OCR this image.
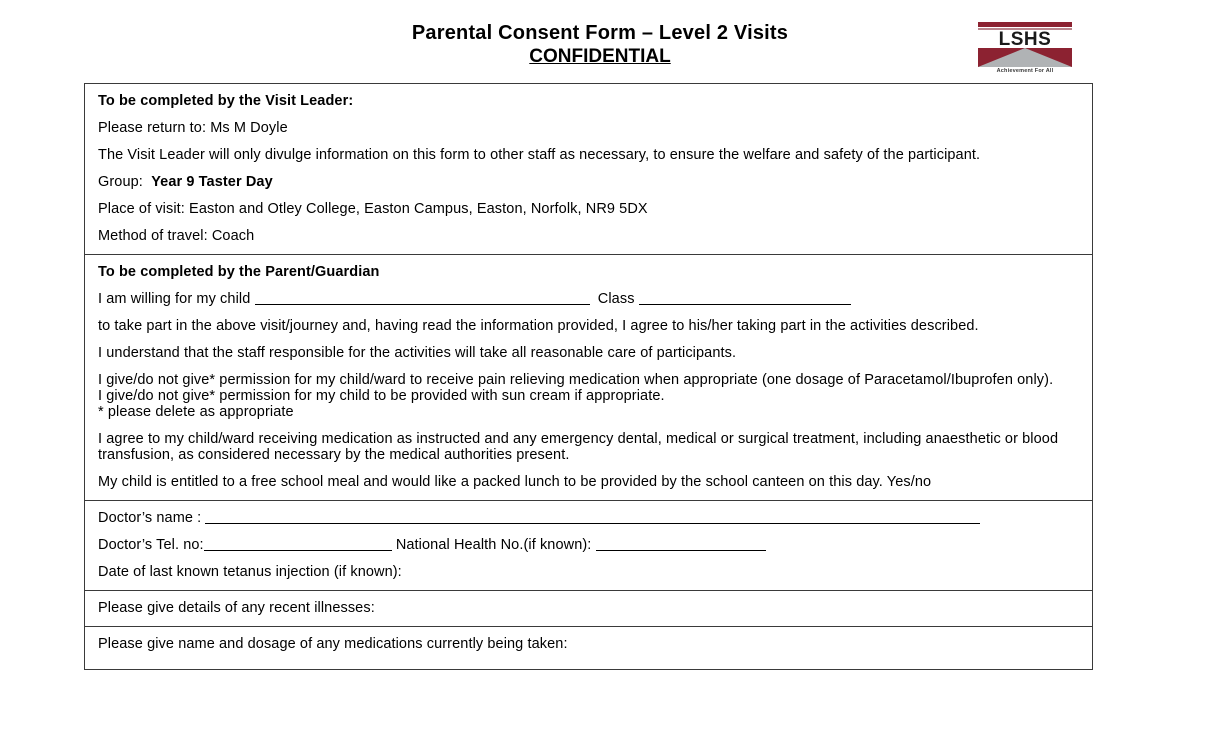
Parental Consent Form – Level 2 Visits
CONFIDENTIAL
LSHS
Achievement For All
To be completed by the Visit Leader:
Please return to: Ms M Doyle
The Visit Leader will only divulge information on this form to other staff as necessary, to ensure the welfare and safety of the participant.
Group: Year 9 Taster Day
Place of visit: Easton and Otley College, Easton Campus, Easton, Norfolk, NR9 5DX
Method of travel: Coach
To be completed by the Parent/Guardian
I am willing for my child	Class
to take part in the above visit/journey and, having read the information provided, I agree to his/her taking part in the activities described.
I understand that the staff responsible for the activities will take all reasonable care of participants.
I give/do not give* permission for my child/ward to receive pain relieving medication when appropriate (one dosage of Paracetamol/Ibuprofen only).
I give/do not give* permission for my child to be provided with sun cream if appropriate.
* please delete as appropriate
I agree to my child/ward receiving medication as instructed and any emergency dental, medical or surgical treatment, including anaesthetic or blood transfusion, as considered necessary by the medical authorities present.
My child is entitled to a free school meal and would like a packed lunch to be provided by the school canteen on this day. Yes/no
Doctor’s name :
Doctor’s Tel. no:	National Health No.(if known):
Date of last known tetanus injection (if known):
Please give details of any recent illnesses:
Please give name and dosage of any medications currently being taken:
